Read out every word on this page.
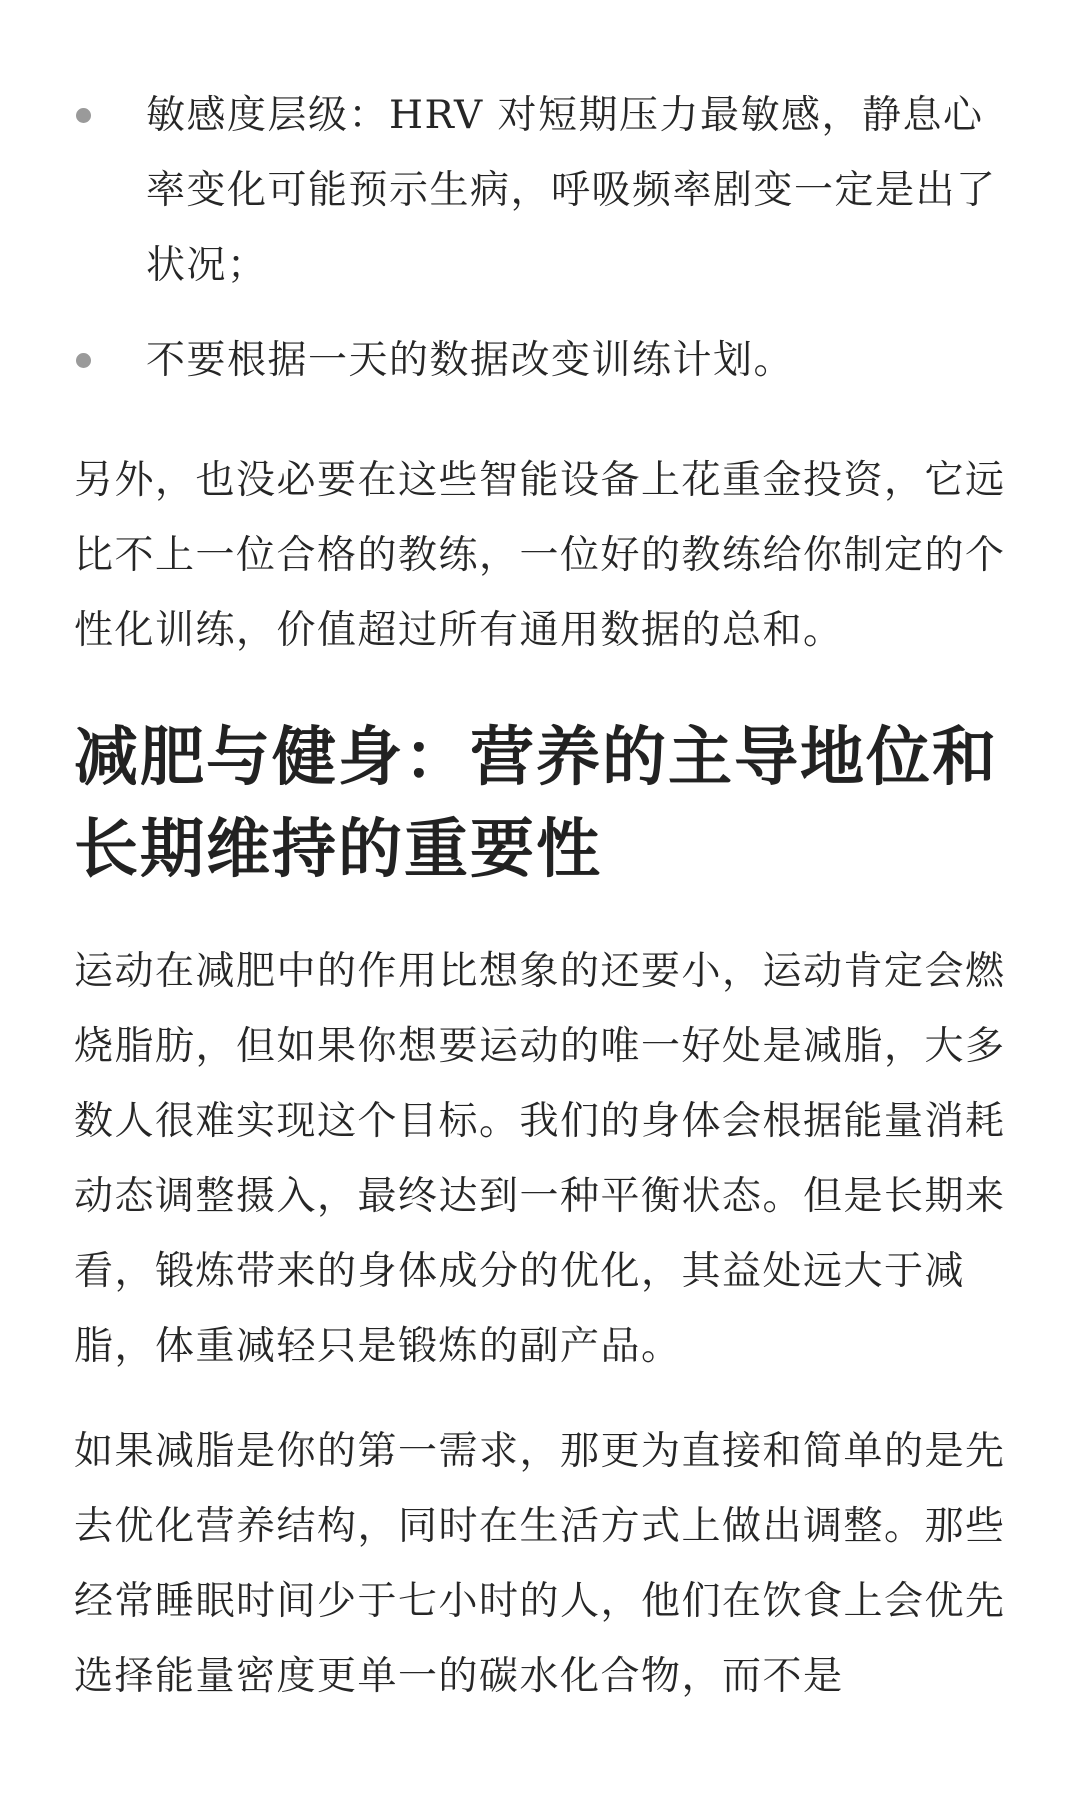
敏感度层级：HRV 对短期压力最敏感，静息心率变化可能预示生病，呼吸频率剧变一定是出了状况；
不要根据一天的数据改变训练计划。

另外，也没必要在这些智能设备上花重金投资，它远比不上一位合格的教练，一位好的教练给你制定的个性化训练，价值超过所有通用数据的总和。

减肥与健身：营养的主导地位和长期维持的重要性

运动在减肥中的作用比想象的还要小，运动肯定会燃烧脂肪，但如果你想要运动的唯一好处是减脂，大多数人很难实现这个目标。我们的身体会根据能量消耗动态调整摄入，最终达到一种平衡状态。但是长期来看，锻炼带来的身体成分的优化，其益处远大于减脂，体重减轻只是锻炼的副产品。

如果减脂是你的第一需求，那更为直接和简单的是先去优化营养结构，同时在生活方式上做出调整。那些经常睡眠时间少于七小时的人，他们在饮食上会优先选择能量密度更单一的碳水化合物，而不是
